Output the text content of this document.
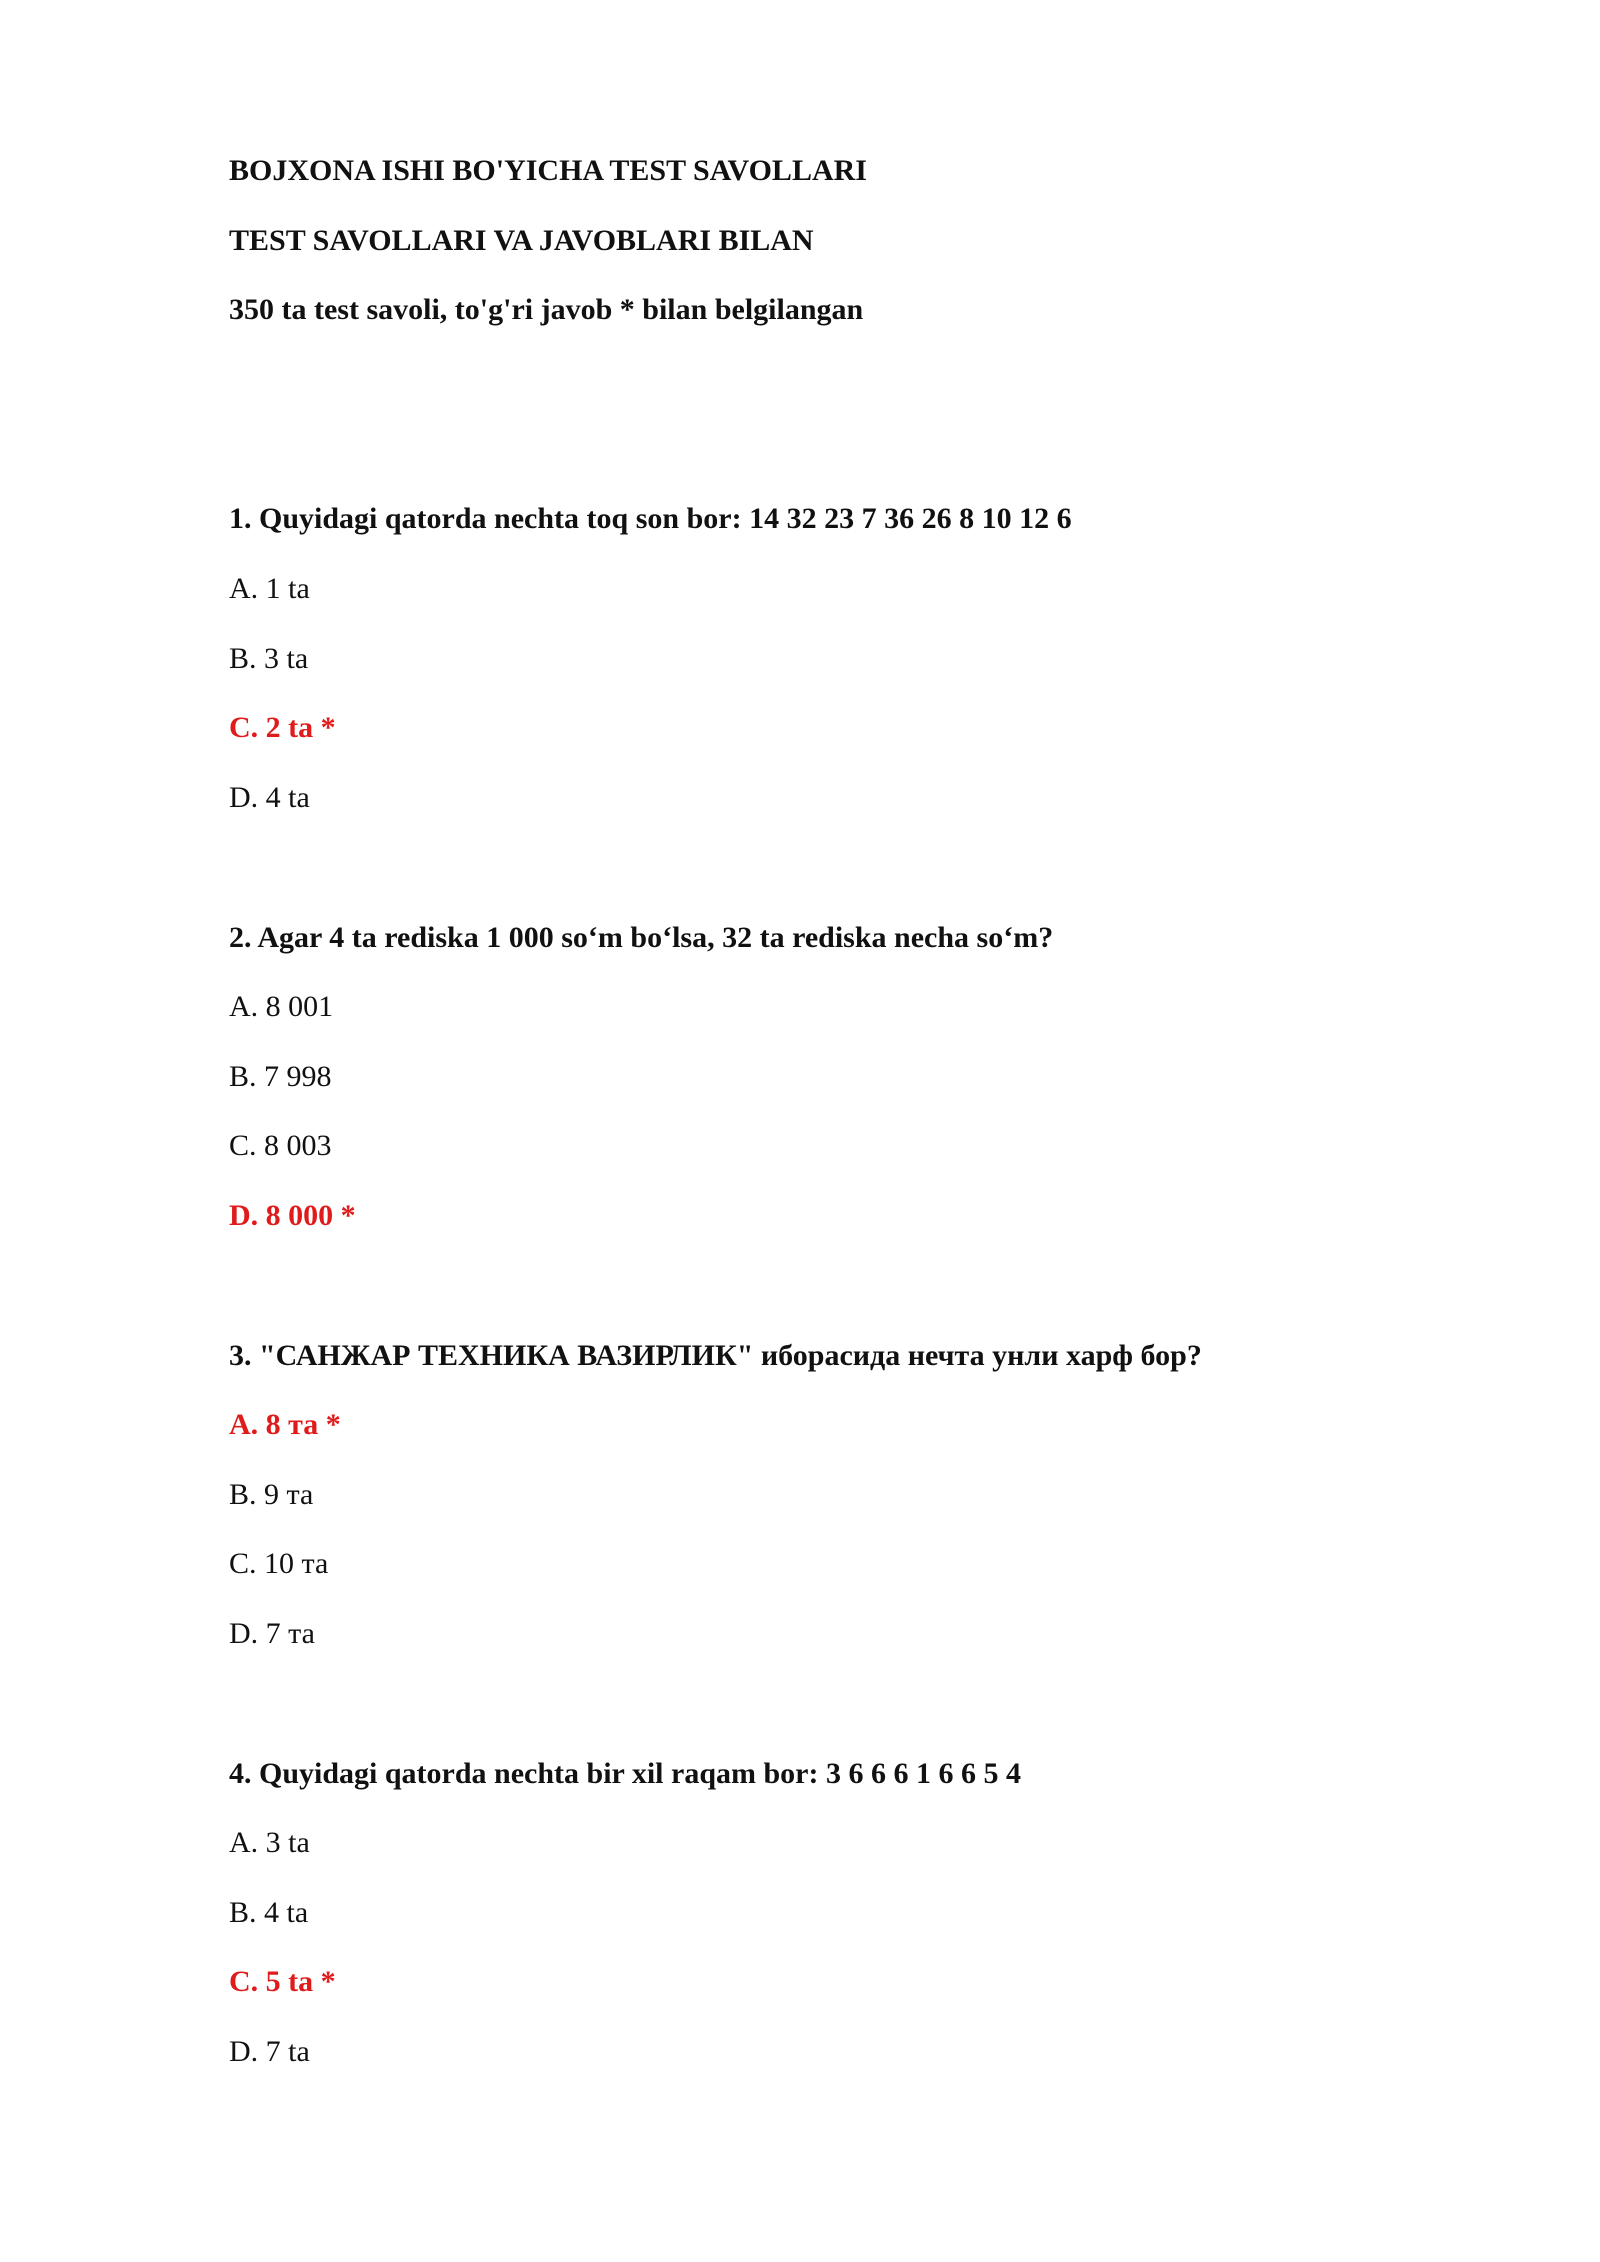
BOJXONA ISHI BO'YICHA TEST SAVOLLARI
TEST SAVOLLARI VA JAVOBLARI BILAN
350 ta test savoli, to'g'ri javob * bilan belgilangan
1. Quyidagi qatorda nechta toq son bor: 14 32 23 7 36 26 8 10 12 6
A. 1 ta
B. 3 ta
C. 2 ta *
D. 4 ta
2. Agar 4 ta rediska 1 000 so‘m bo‘lsa, 32 ta rediska necha so‘m?
A. 8 001
B. 7 998
C. 8 003
D. 8 000 *
3. "САНЖАР ТЕХНИКА ВАЗИРЛИК" иборасида нечта унли харф бор?
A. 8 та *
B. 9 та
C. 10 та
D. 7 та
4. Quyidagi qatorda nechta bir xil raqam bor: 3 6 6 6 1 6 6 5 4
A. 3 ta
B. 4 ta
C. 5 ta *
D. 7 ta
